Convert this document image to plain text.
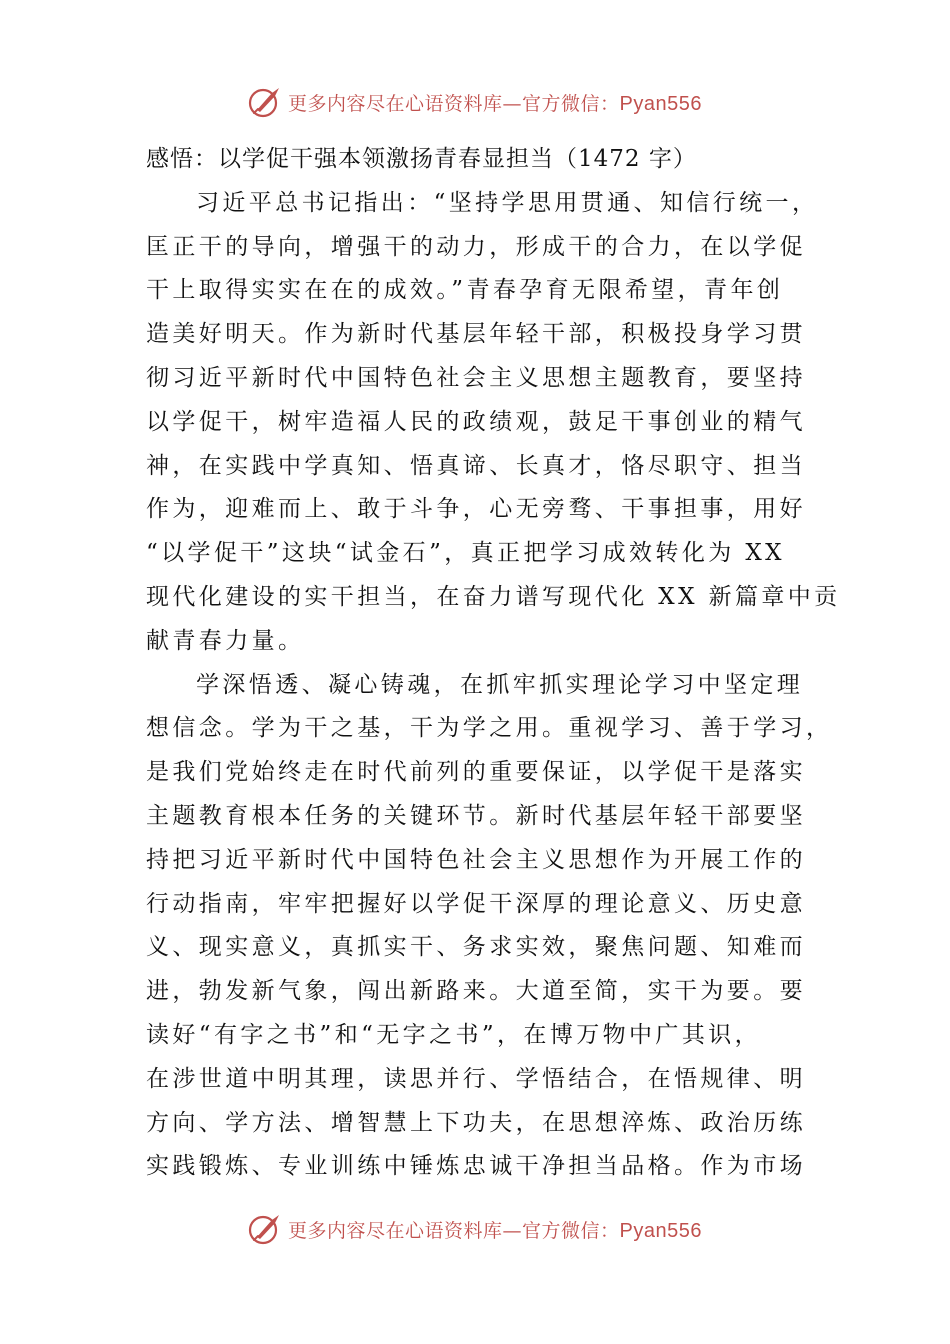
更多内容尽在心语资料库—官方微信：Pyan556
感悟：以学促干强本领激扬青春显担当（1472 字）
习近平总书记指出：“坚持学思用贯通、知信行统一，
匡正干的导向，增强干的动力，形成干的合力，在以学促
干上取得实实在在的成效。”青春孕育无限希望，青年创
造美好明天。作为新时代基层年轻干部，积极投身学习贯
彻习近平新时代中国特色社会主义思想主题教育，要坚持
以学促干，树牢造福人民的政绩观，鼓足干事创业的精气
神，在实践中学真知、悟真谛、长真才，恪尽职守、担当
作为，迎难而上、敢于斗争，心无旁骛、干事担事，用好
“以学促干”这块“试金石”，真正把学习成效转化为 XX
现代化建设的实干担当，在奋力谱写现代化 XX 新篇章中贡
献青春力量。
学深悟透、凝心铸魂，在抓牢抓实理论学习中坚定理
想信念。学为干之基，干为学之用。重视学习、善于学习，
是我们党始终走在时代前列的重要保证，以学促干是落实
主题教育根本任务的关键环节。新时代基层年轻干部要坚
持把习近平新时代中国特色社会主义思想作为开展工作的
行动指南，牢牢把握好以学促干深厚的理论意义、历史意
义、现实意义，真抓实干、务求实效，聚焦问题、知难而
进，勃发新气象，闯出新路来。大道至简，实干为要。要
读好“有字之书”和“无字之书”，在博万物中广其识，
在涉世道中明其理，读思并行、学悟结合，在悟规律、明
方向、学方法、增智慧上下功夫，在思想淬炼、政治历练
实践锻炼、专业训练中锤炼忠诚干净担当品格。作为市场
更多内容尽在心语资料库—官方微信：Pyan556
